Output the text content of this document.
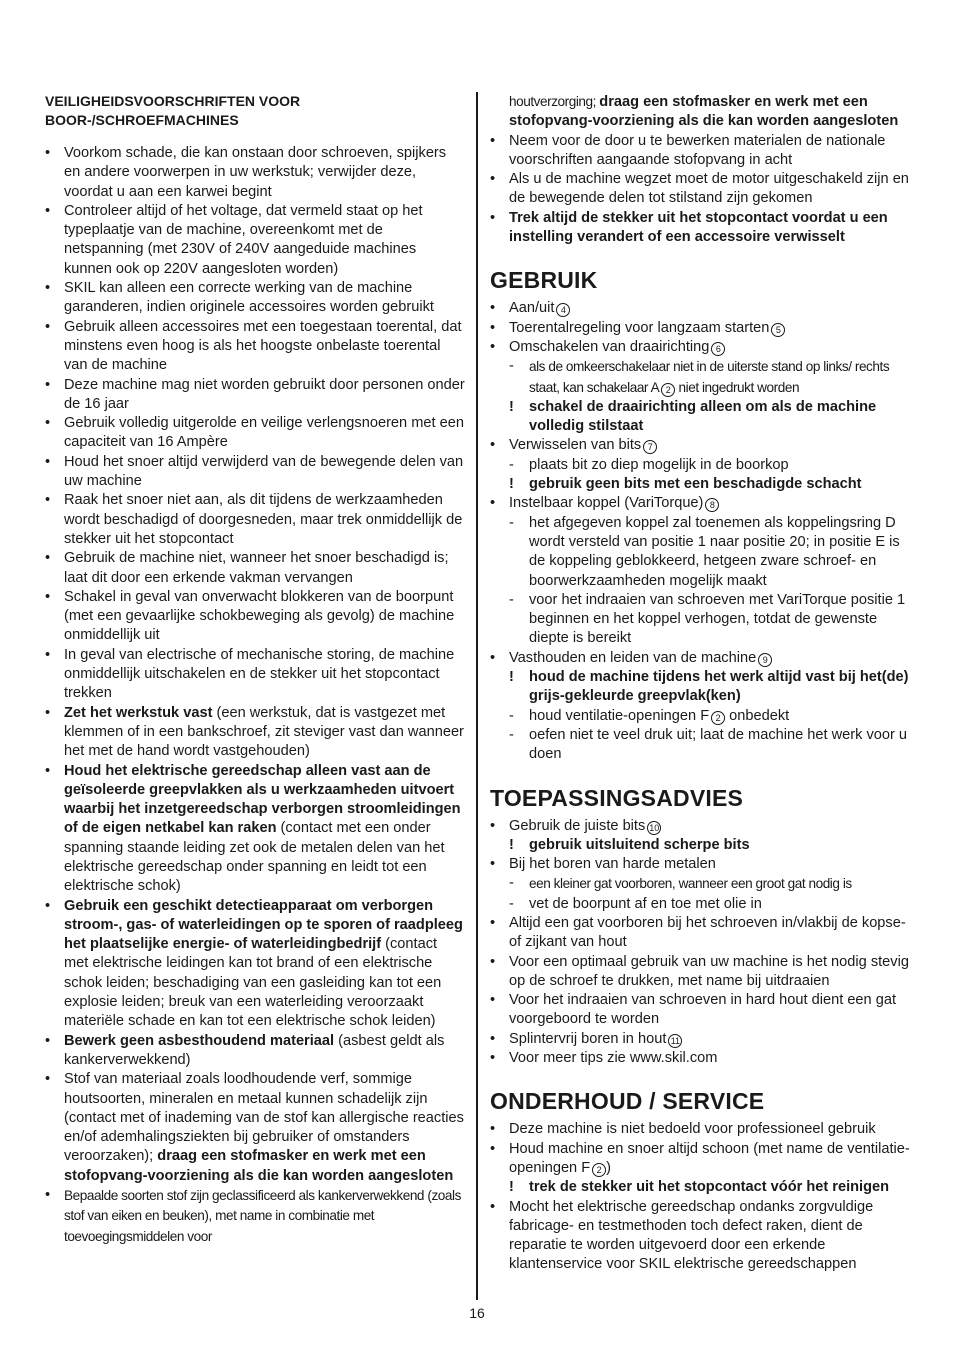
VEILIGHEIDSVOORSCHRIFTEN VOOR BOOR-/SCHROEFMACHINES
• Voorkom schade, die kan onstaan door schroeven, spijkers en andere voorwerpen in uw werkstuk; verwijder deze, voordat u aan een karwei begint
• Controleer altijd of het voltage, dat vermeld staat op het typeplaatje van de machine, overeenkomt met de netspanning (met 230V of 240V aangeduide machines kunnen ook op 220V aangesloten worden)
• SKIL kan alleen een correcte werking van de machine garanderen, indien originele accessoires worden gebruikt
• Gebruik alleen accessoires met een toegestaan toerental, dat minstens even hoog is als het hoogste onbelaste toerental van de machine
• Deze machine mag niet worden gebruikt door personen onder de 16 jaar
• Gebruik volledig uitgerolde en veilige verlengsnoeren met een capaciteit van 16 Ampère
• Houd het snoer altijd verwijderd van de bewegende delen van uw machine
• Raak het snoer niet aan, als dit tijdens de werkzaamheden wordt beschadigd of doorgesneden, maar trek onmiddellijk de stekker uit het stopcontact
• Gebruik de machine niet, wanneer het snoer beschadigd is; laat dit door een erkende vakman vervangen
• Schakel in geval van onverwacht blokkeren van de boorpunt (met een gevaarlijke schokbeweging als gevolg) de machine onmiddellijk uit
• In geval van electrische of mechanische storing, de machine onmiddellijk uitschakelen en de stekker uit het stopcontact trekken
• Zet het werkstuk vast (een werkstuk, dat is vastgezet met klemmen of in een bankschroef, zit steviger vast dan wanneer het met de hand wordt vastgehouden)
• Houd het elektrische gereedschap alleen vast aan de geïsoleerde greepvlakken als u werkzaamheden uitvoert waarbij het inzetgereedschap verborgen stroomleidingen of de eigen netkabel kan raken (contact met een onder spanning staande leiding zet ook de metalen delen van het elektrische gereedschap onder spanning en leidt tot een elektrische schok)
• Gebruik een geschikt detectieapparaat om verborgen stroom-, gas- of waterleidingen op te sporen of raadpleeg het plaatselijke energie- of waterleidingbedrijf (contact met elektrische leidingen kan tot brand of een elektrische schok leiden; beschadiging van een gasleiding kan tot een explosie leiden; breuk van een waterleiding veroorzaakt materiële schade en kan tot een elektrische schok leiden)
• Bewerk geen asbesthoudend materiaal (asbest geldt als kankerverwekkend)
• Stof van materiaal zoals loodhoudende verf, sommige houtsoorten, mineralen en metaal kunnen schadelijk zijn (contact met of inademing van de stof kan allergische reacties en/of ademhalingsziekten bij gebruiker of omstanders veroorzaken); draag een stofmasker en werk met een stofopvang-voorziening als die kan worden aangesloten
• Bepaalde soorten stof zijn geclassificeerd als kankerverwekkend (zoals stof van eiken en beuken), met name in combinatie met toevoegingsmiddelen voor
houtverzorging; draag een stofmasker en werk met een stofopvang-voorziening als die kan worden aangesloten
• Neem voor de door u te bewerken materialen de nationale voorschriften aangaande stofopvang in acht
• Als u de machine wegzet moet de motor uitgeschakeld zijn en de bewegende delen tot stilstand zijn gekomen
• Trek altijd de stekker uit het stopcontact voordat u een instelling verandert of een accessoire verwisselt
GEBRUIK
• Aan/uit 4
• Toerentalregeling voor langzaam starten 5
• Omschakelen van draairichting 6
- als de omkeerschakelaar niet in de uiterste stand op links/ rechts staat, kan schakelaar A 2 niet ingedrukt worden
! schakel de draairichting alleen om als de machine volledig stilstaat
• Verwisselen van bits 7
- plaats bit zo diep mogelijk in de boorkop
! gebruik geen bits met een beschadigde schacht
• Instelbaar koppel (VariTorque) 8
- het afgegeven koppel zal toenemen als koppelingsring D wordt versteld van positie 1 naar positie 20; in positie E is de koppeling geblokkeerd, hetgeen zware schroef- en boorwerkzaamheden mogelijk maakt
- voor het indraaien van schroeven met VariTorque positie 1 beginnen en het koppel verhogen, totdat de gewenste diepte is bereikt
• Vasthouden en leiden van de machine 9
! houd de machine tijdens het werk altijd vast bij het(de) grijs-gekleurde greepvlak(ken)
- houd ventilatie-openingen F 2 onbedekt
- oefen niet te veel druk uit; laat de machine het werk voor u doen
TOEPASSINGSADVIES
• Gebruik de juiste bits 10
! gebruik uitsluitend scherpe bits
• Bij het boren van harde metalen
- een kleiner gat voorboren, wanneer een groot gat nodig is
- vet de boorpunt af en toe met olie in
• Altijd een gat voorboren bij het schroeven in/vlakbij de kopse- of zijkant van hout
• Voor een optimaal gebruik van uw machine is het nodig stevig op de schroef te drukken, met name bij uitdraaien
• Voor het indraaien van schroeven in hard hout dient een gat voorgeboord te worden
• Splintervrij boren in hout 11
• Voor meer tips zie www.skil.com
ONDERHOUD / SERVICE
• Deze machine is niet bedoeld voor professioneel gebruik
• Houd machine en snoer altijd schoon (met name de ventilatie-openingen F 2 )
! trek de stekker uit het stopcontact vóór het reinigen
• Mocht het elektrische gereedschap ondanks zorgvuldige fabricage- en testmethoden toch defect raken, dient de reparatie te worden uitgevoerd door een erkende klantenservice voor SKIL elektrische gereedschappen
16
